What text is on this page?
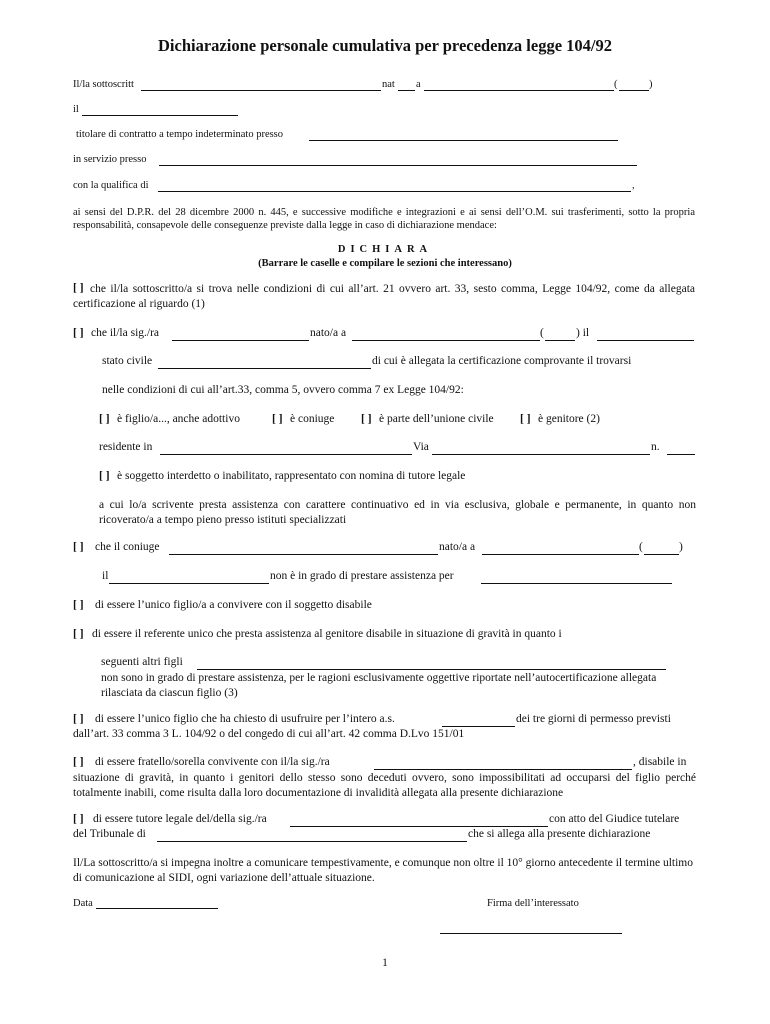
Dichiarazione personale cumulativa per precedenza legge 104/92
Il/la sottoscritt	nat a	(	)
il
titolare di contratto a tempo indeterminato presso
in servizio presso
con la qualifica di	,
ai sensi del D.P.R. del 28 dicembre 2000 n. 445, e successive modifiche e integrazioni e ai sensi dell’O.M. sui trasferimenti, sotto la propria responsabilità, consapevole delle conseguenze previste dalla legge in caso di dichiarazione mendace:
DICHIARA
(Barrare le caselle e compilare le sezioni che interessano)
[ ] che il/la sottoscritto/a si trova nelle condizioni di cui all’art. 21 ovvero art. 33, sesto comma, Legge 104/92, come da allegata certificazione al riguardo (1)
[ ] che il/la sig./ra	nato/a a	(	) il
stato civile	di cui è allegata la certificazione comprovante il trovarsi
nelle condizioni di cui all’art.33, comma 5, ovvero comma 7 ex Legge 104/92:
[ ] è figlio/a..., anche adottivo	[ ] è coniuge [ ] è parte dell’unione civile [ ] è genitore (2)
residente in	Via	n.
[ ] è soggetto interdetto o inabilitato, rappresentato con nomina di tutore legale
a cui lo/a scrivente presta assistenza con carattere continuativo ed in via esclusiva, globale e permanente, in quanto non ricoverato/a a tempo pieno presso istituti specializzati
[ ] che il coniuge	nato/a a	(	)
il	non è in grado di prestare assistenza per
[ ] di essere l’unico figlio/a a convivere con il soggetto disabile
[ ] di essere il referente unico che presta assistenza al genitore disabile in situazione di gravità in quanto i
seguenti altri figli
non sono in grado di prestare assistenza, per le ragioni esclusivamente oggettive riportate nell’autocertificazione allegata rilasciata da ciascun figlio (3)
[ ] di essere l’unico figlio che ha chiesto di usufruire per l’intero a.s.	dei tre giorni di permesso previsti
dall’art. 33 comma 3 L. 104/92 o del congedo di cui all’art. 42 comma D.Lvo 151/01
[ ] di essere fratello/sorella convivente con il/la sig./ra	, disabile in
situazione di gravità, in quanto i genitori dello stesso sono deceduti ovvero, sono impossibilitati ad occuparsi del figlio perché totalmente inabili, come risulta dalla loro documentazione di invalidità allegata alla presente dichiarazione
[ ] di essere tutore legale del/della sig./ra	con atto del Giudice tutelare
del Tribunale di	che si allega alla presente dichiarazione
Il/La sottoscritto/a si impegna inoltre a comunicare tempestivamente, e comunque non oltre il 10° giorno antecedente il termine ultimo di comunicazione al SIDI, ogni variazione dell’attuale situazione.
Data	Firma dell’interessato
1
